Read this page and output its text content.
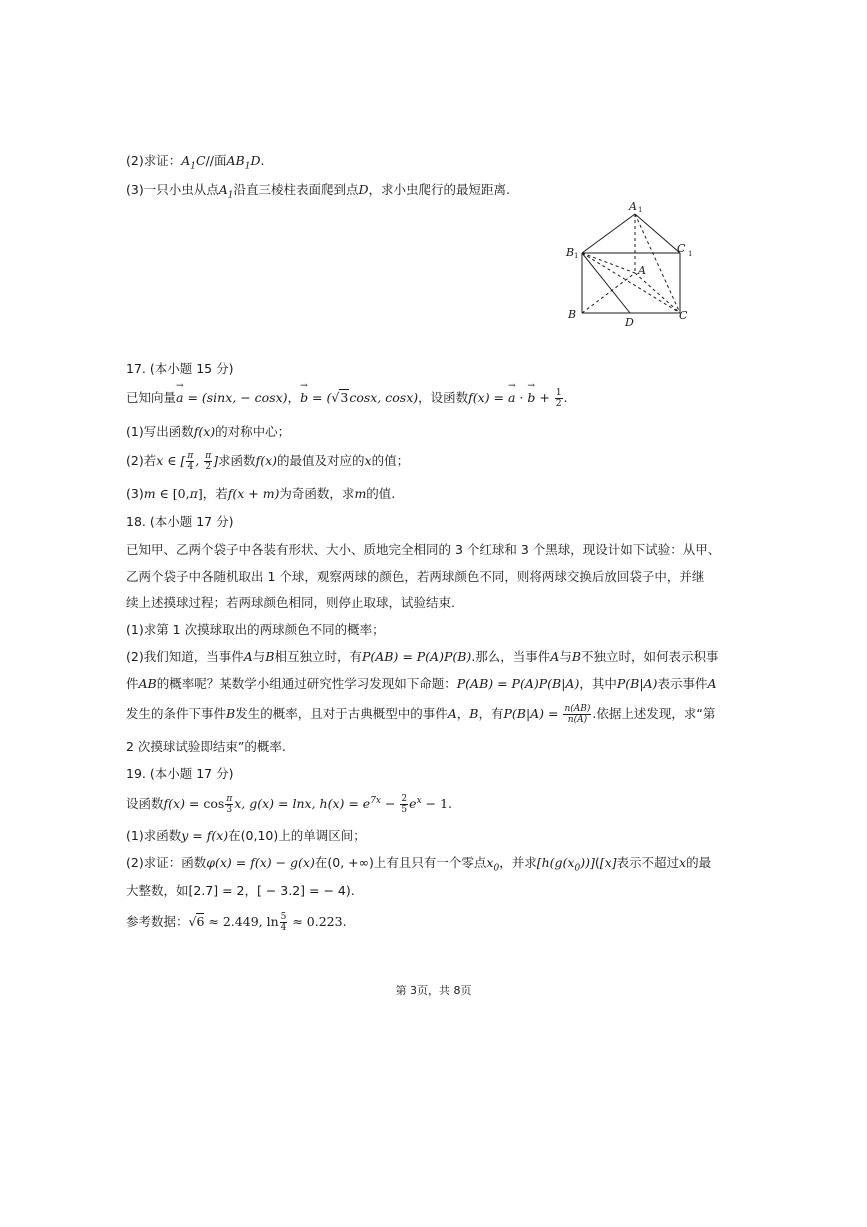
(2)求证：$A_1C//$面$AB_1D$.
(3)一只小虫从点$A_1$沿直三棱柱表面爬到点D，求小虫爬行的最短距离.
A 1
B 1
C 1
A
B	C
D
17. (本小题 15 分)
已知向量→ a = (sinx, − cosx)，→ b = (√3cosx, cosx)，设函数f(x) = → a · → $b + \frac{1}{2}$ .
(1)写出函数f(x)的对称中心；
(2)若x ∈ [ $\frac{\pi}{4}$ , $\frac{\pi}{2}$ ]求函数f(x)的最值及对应的x的值；
(3)m ∈ [0,π]，若f(x + m)为奇函数，求m的值.
18. (本小题 17 分)
已知甲、乙两个袋子中各装有形状、大小、质地完全相同的 3 个红球和 3 个黑球，现设计如下试验：从甲、
乙两个袋子中各随机取出 1 个球，观察两球的颜色，若两球颜色不同，则将两球交换后放回袋子中，并继
续上述摸球过程；若两球颜色相同，则停止取球，试验结束.
(1)求第 1 次摸球取出的两球颜色不同的概率；
(2)我们知道，当事件A与B相互独立时，有P(AB) = P(A)P(B).那么，当事件A与B不独立时，如何表示积事
件AB的概率呢？某数学小组通过研究性学习发现如下命题：P(AB) = P(A)P(B|A)，其中P(B|A)表示事件A
发生的条件下事件B发生的概率，且对于古典概型中的事件A，B，有$P(B|A) = \frac{n(AB)}{n(A)}$ .依据上述发现，求“第
2 次摸球试验即结束”的概率.
19. (本小题 17 分)
设函数$f(x) = \cos \frac{\pi}{3} x$, g(x) = lnx, $h(x) = e^{7x} - \frac{2}{5} e^x - 1$.
(1)求函数y = f(x)在(0,10)上的单调区间；
(2)求证：函数φ(x) = f(x) − g(x)在(0, +∞)上有且只有一个零点$x_0$，并求$[h(g(x_0))]([x]$表示不超过x的最
大整数，如[2.7] = 2，[ − 3.2] = − 4).
参考数据：√6 ≈ 2.449, $\ln \frac{5}{4} \approx 0.223$.
第 3页，共 8页
